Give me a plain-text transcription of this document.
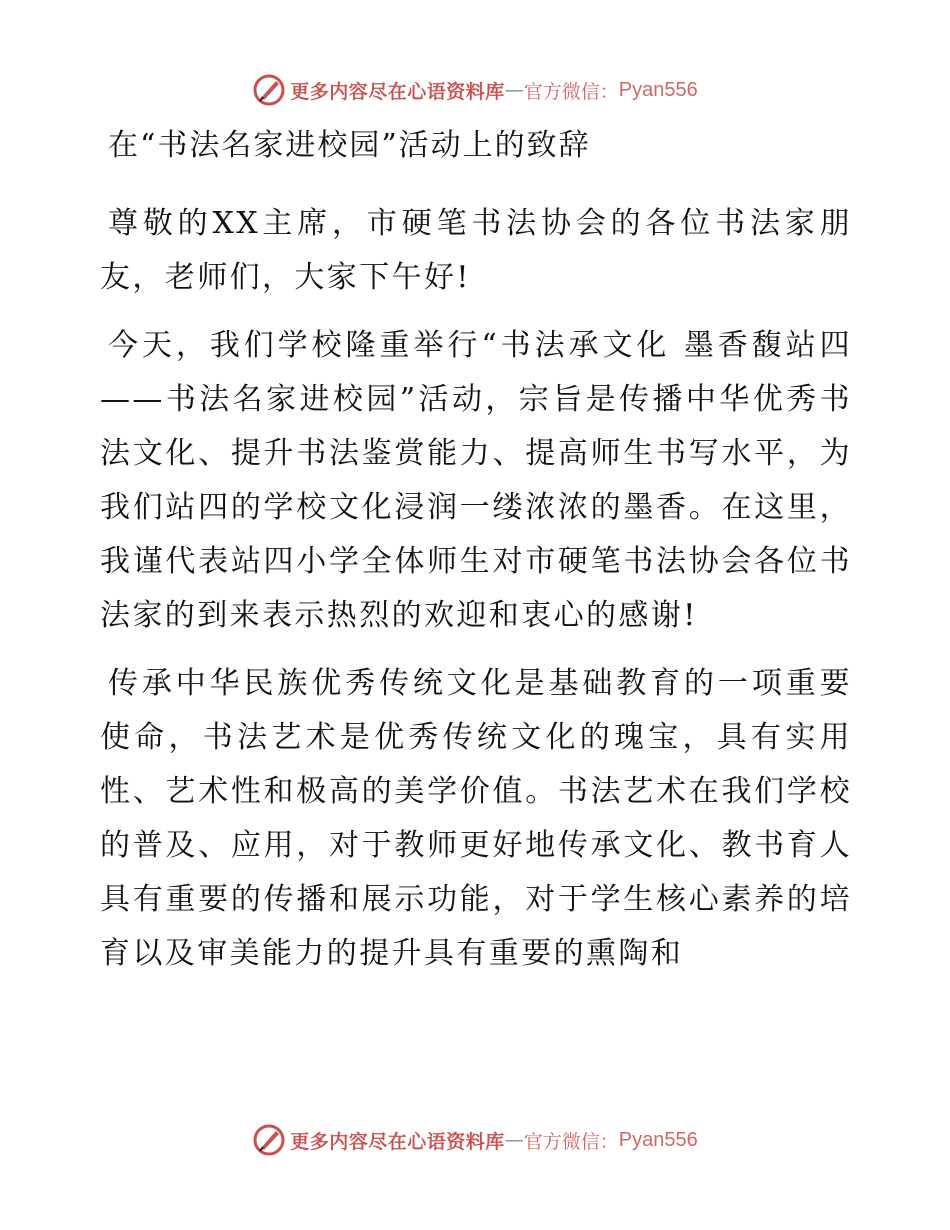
更多内容尽在心语资料库 — 官方微信： Pyan556

在“书法名家进校园”活动上的致辞

尊敬的XX主席，市硬笔书法协会的各位书法家朋友，老师们，大家下午好!

今天，我们学校隆重举行“书法承文化 墨香馥站四——书法名家进校园”活动，宗旨是传播中华优秀书法文化、提升书法鉴赏能力、提高师生书写水平，为我们站四的学校文化浸润一缕浓浓的墨香。在这里，我谨代表站四小学全体师生对市硬笔书法协会各位书法家的到来表示热烈的欢迎和衷心的感谢!

传承中华民族优秀传统文化是基础教育的一项重要使命，书法艺术是优秀传统文化的瑰宝，具有实用性、艺术性和极高的美学价值。书法艺术在我们学校的普及、应用，对于教师更好地传承文化、教书育人具有重要的传播和展示功能，对于学生核心素养的培育以及审美能力的提升具有重要的熏陶和

更多内容尽在心语资料库 — 官方微信： Pyan556
